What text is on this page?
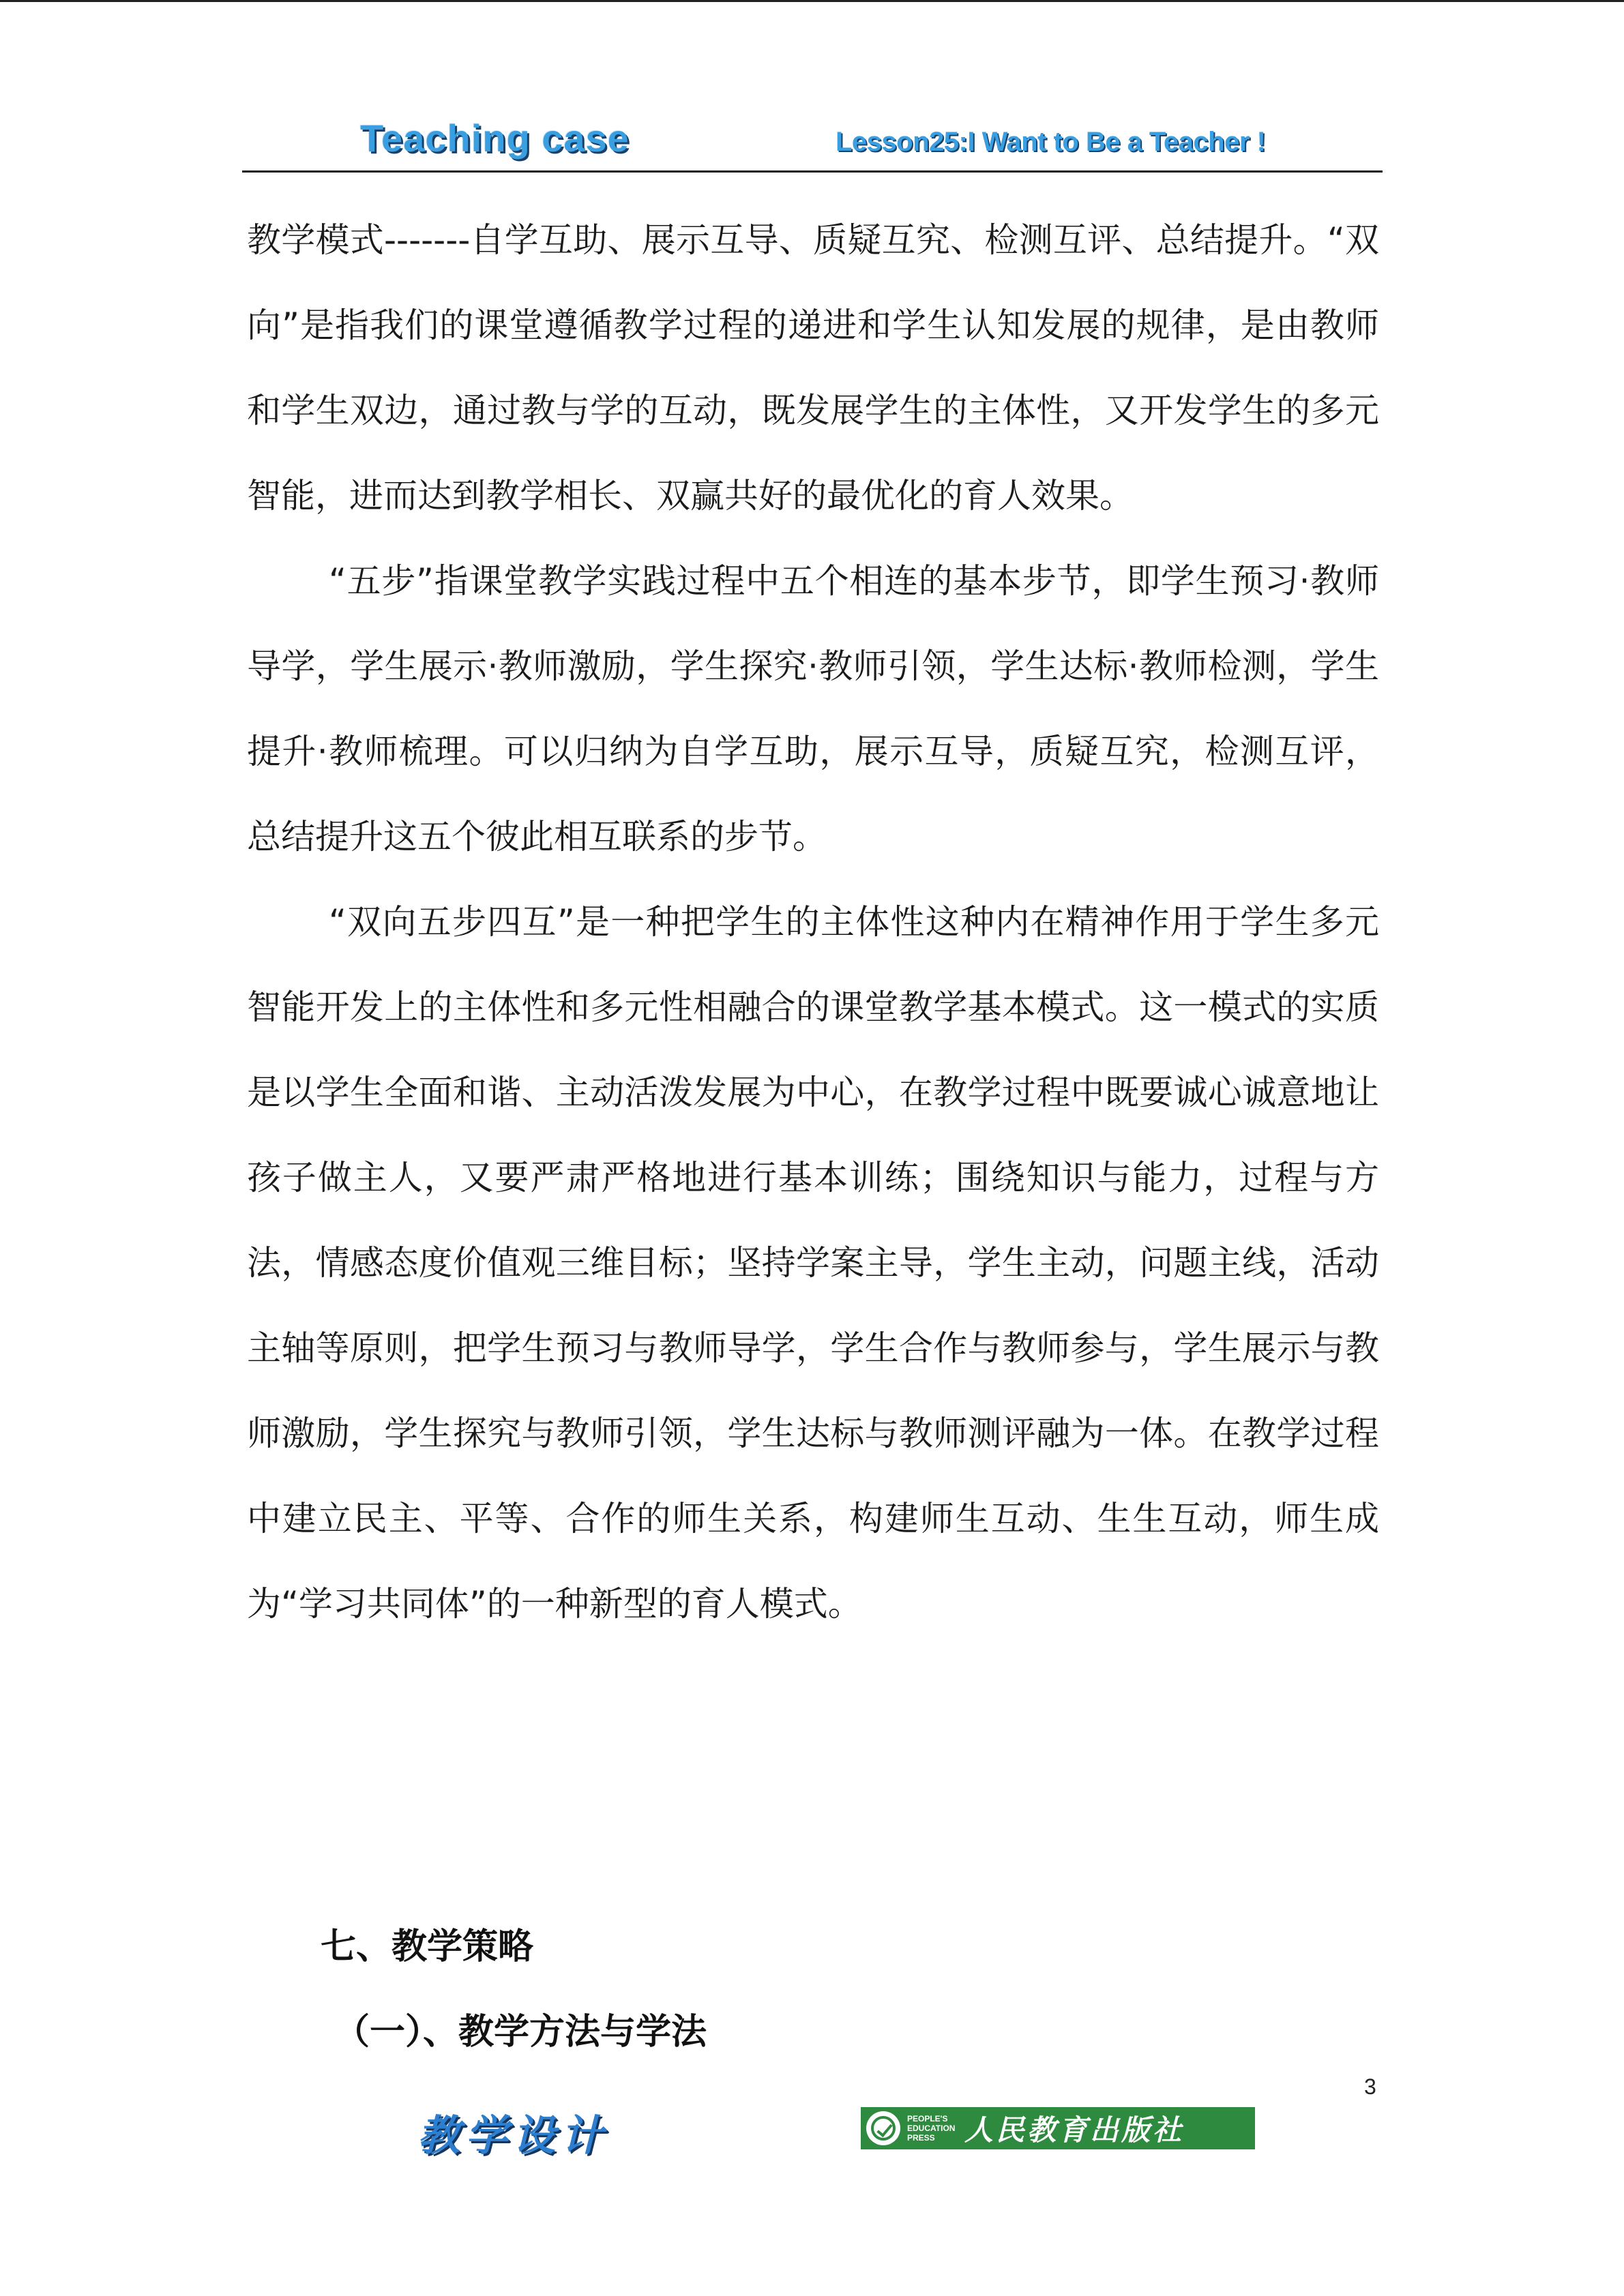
Teaching case	Lesson25:I Want to Be a Teacher !

教学模式-------自学互助、展示互导、质疑互究、检测互评、总结提升。“双向”是指我们的课堂遵循教学过程的递进和学生认知发展的规律，是由教师和学生双边，通过教与学的互动，既发展学生的主体性，又开发学生的多元智能，进而达到教学相长、双赢共好的最优化的育人效果。

“五步”指课堂教学实践过程中五个相连的基本步节，即学生预习·教师导学，学生展示·教师激励，学生探究·教师引领，学生达标·教师检测，学生提升·教师梳理。可以归纳为自学互助，展示互导，质疑互究，检测互评，总结提升这五个彼此相互联系的步节。

“双向五步四互”是一种把学生的主体性这种内在精神作用于学生多元智能开发上的主体性和多元性相融合的课堂教学基本模式。这一模式的实质是以学生全面和谐、主动活泼发展为中心，在教学过程中既要诚心诚意地让孩子做主人，又要严肃严格地进行基本训练；围绕知识与能力，过程与方法，情感态度价值观三维目标；坚持学案主导，学生主动，问题主线，活动主轴等原则，把学生预习与教师导学，学生合作与教师参与，学生展示与教师激励，学生探究与教师引领，学生达标与教师测评融为一体。在教学过程中建立民主、平等、合作的师生关系，构建师生互动、生生互动，师生成为“学习共同体”的一种新型的育人模式。

七、教学策略
（一）、教学方法与学法
3
教学设计	PEOPLE'S EDUCATION PRESS	人民教育出版社
